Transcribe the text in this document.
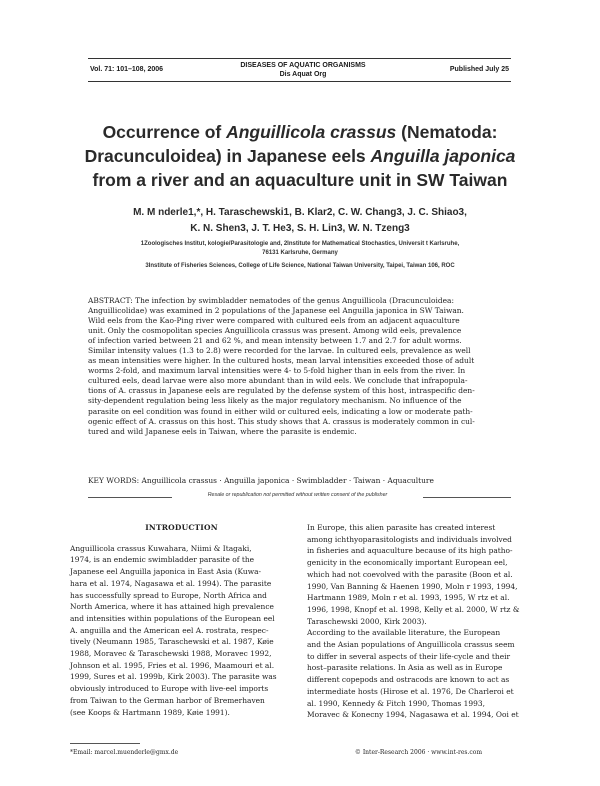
Vol. 71: 101–108, 2006
DISEASES OF AQUATIC ORGANISMS
Dis Aquat Org
Published July 25
Occurrence of Anguillicola crassus (Nematoda:
Dracunculoidea) in Japanese eels Anguilla japonica
from a river and an aquaculture unit in SW Taiwan
M. M nderle1,*, H. Taraschewski1, B. Klar2, C. W. Chang3, J. C. Shiao3,
K. N. Shen3, J. T. He3, S. H. Lin3, W. N. Tzeng3
1Zoologisches Institut, kologie/Parasitologie and, 2Institute for Mathematical Stochastics, Universit t Karlsruhe,
76131 Karlsruhe, Germany
3Institute of Fisheries Sciences, College of Life Science, National Taiwan University, Taipei, Taiwan 106, ROC
ABSTRACT: The infection by swimbladder nematodes of the genus Anguillicola (Dracunculoidea:
Anguillicolidae) was examined in 2 populations of the Japanese eel Anguilla japonica in SW Taiwan.
Wild eels from the Kao-Ping river were compared with cultured eels from an adjacent aquaculture
unit. Only the cosmopolitan species Anguillicola crassus was present. Among wild eels, prevalence
of infection varied between 21 and 62 %, and mean intensity between 1.7 and 2.7 for adult worms.
Similar intensity values (1.3 to 2.8) were recorded for the larvae. In cultured eels, prevalence as well
as mean intensities were higher. In the cultured hosts, mean larval intensities exceeded those of adult
worms 2-fold, and maximum larval intensities were 4- to 5-fold higher than in eels from the river. In
cultured eels, dead larvae were also more abundant than in wild eels. We conclude that infrapopula-
tions of A. crassus in Japanese eels are regulated by the defense system of this host, intraspecific den-
sity-dependent regulation being less likely as the major regulatory mechanism. No influence of the
parasite on eel condition was found in either wild or cultured eels, indicating a low or moderate path-
ogenic effect of A. crassus on this host. This study shows that A. crassus is moderately common in cul-
tured and wild Japanese eels in Taiwan, where the parasite is endemic.
KEY WORDS: Anguillicola crassus · Anguilla japonica · Swimbladder · Taiwan · Aquaculture
Resale or republication not permitted without written consent of the publisher
INTRODUCTION
Anguillicola crassus Kuwahara, Niimi & Itagaki,
1974, is an endemic swimbladder parasite of the
Japanese eel Anguilla japonica in East Asia (Kuwa-
hara et al. 1974, Nagasawa et al. 1994). The parasite
has successfully spread to Europe, North Africa and
North America, where it has attained high prevalence
and intensities within populations of the European eel
A. anguilla and the American eel A. rostrata, respec-
tively (Neumann 1985, Taraschewski et al. 1987, Køie
1988, Moravec & Taraschewski 1988, Moravec 1992,
Johnson et al. 1995, Fries et al. 1996, Maamouri et al.
1999, Sures et al. 1999b, Kirk 2003). The parasite was
obviously introduced to Europe with live-eel imports
from Taiwan to the German harbor of Bremerhaven
(see Koops & Hartmann 1989, Køie 1991).
In Europe, this alien parasite has created interest
among ichthyoparasitologists and individuals involved
in fisheries and aquaculture because of its high patho-
genicity in the economically important European eel,
which had not coevolved with the parasite (Boon et al.
1990, Van Banning & Haenen 1990, Moln r 1993, 1994,
Hartmann 1989, Moln r et al. 1993, 1995, W rtz et al.
1996, 1998, Knopf et al. 1998, Kelly et al. 2000, W rtz &
Taraschewski 2000, Kirk 2003).
According to the available literature, the European
and the Asian populations of Anguillicola crassus seem
to differ in several aspects of their life-cycle and their
host–parasite relations. In Asia as well as in Europe
different copepods and ostracods are known to act as
intermediate hosts (Hirose et al. 1976, De Charleroi et
al. 1990, Kennedy & Fitch 1990, Thomas 1993,
Moravec & Konecny 1994, Nagasawa et al. 1994, Ooi et
*Email: marcel.muenderle@gmx.de	© Inter-Research 2006 · www.int-res.com
